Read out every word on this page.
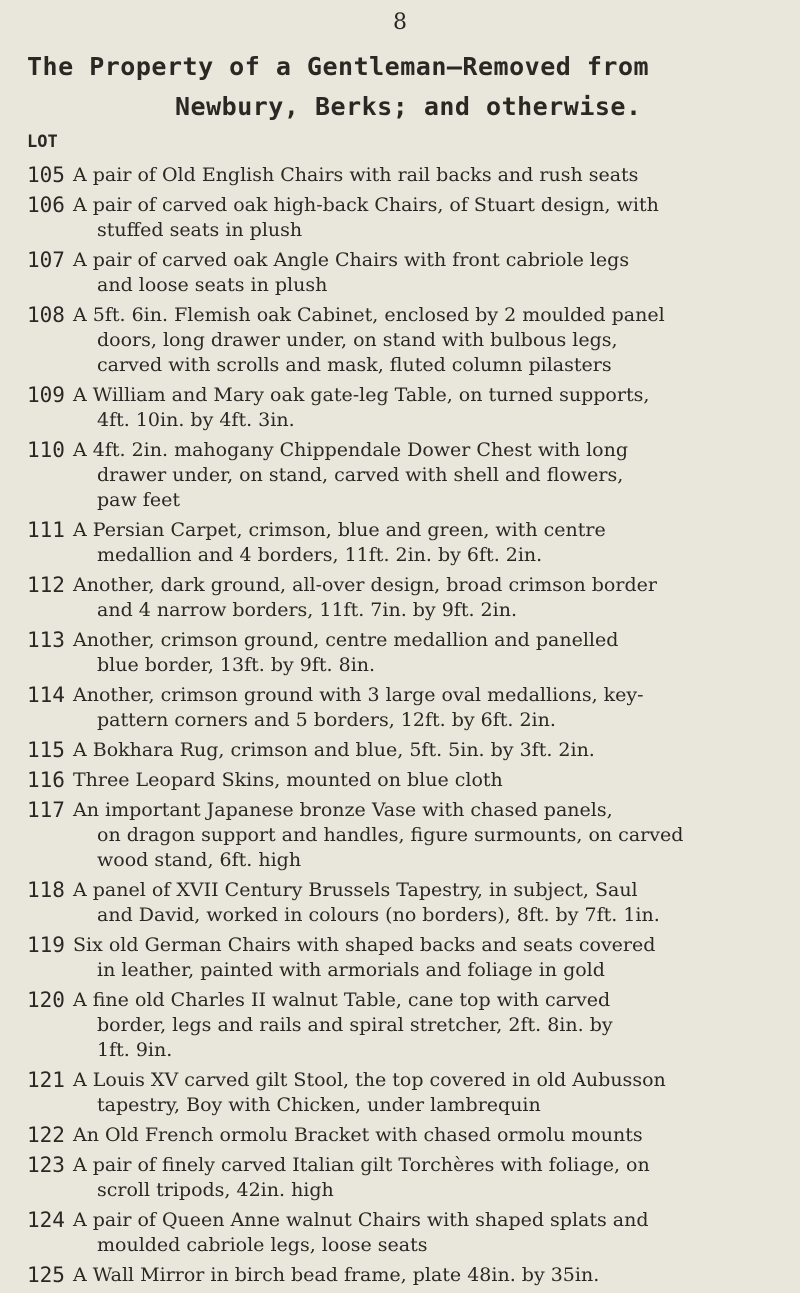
8
The Property of a Gentleman—Removed from
Newbury, Berks; and otherwise.
LOT
105 A pair of Old English Chairs with rail backs and rush seats
106 A pair of carved oak high-back Chairs, of Stuart design, with
stuffed seats in plush
107 A pair of carved oak Angle Chairs with front cabriole legs
and loose seats in plush
108 A 5ft. 6in. Flemish oak Cabinet, enclosed by 2 moulded panel
doors, long drawer under, on stand with bulbous legs,
carved with scrolls and mask, fluted column pilasters
109 A William and Mary oak gate-leg Table, on turned supports,
4ft. 10in. by 4ft. 3in.
110 A 4ft. 2in. mahogany Chippendale Dower Chest with long
drawer under, on stand, carved with shell and flowers,
paw feet
111 A Persian Carpet, crimson, blue and green, with centre
medallion and 4 borders, 11ft. 2in. by 6ft. 2in.
112 Another, dark ground, all-over design, broad crimson border
and 4 narrow borders, 11ft. 7in. by 9ft. 2in.
113 Another, crimson ground, centre medallion and panelled
blue border, 13ft. by 9ft. 8in.
114 Another, crimson ground with 3 large oval medallions, key-
pattern corners and 5 borders, 12ft. by 6ft. 2in.
115 A Bokhara Rug, crimson and blue, 5ft. 5in. by 3ft. 2in.
116 Three Leopard Skins, mounted on blue cloth
117 An important Japanese bronze Vase with chased panels,
on dragon support and handles, figure surmounts, on carved
wood stand, 6ft. high
118 A panel of XVII Century Brussels Tapestry, in subject, Saul
and David, worked in colours (no borders), 8ft. by 7ft. 1in.
119 Six old German Chairs with shaped backs and seats covered
in leather, painted with armorials and foliage in gold
120 A fine old Charles II walnut Table, cane top with carved
border, legs and rails and spiral stretcher, 2ft. 8in. by
1ft. 9in.
121 A Louis XV carved gilt Stool, the top covered in old Aubusson
tapestry, Boy with Chicken, under lambrequin
122 An Old French ormolu Bracket with chased ormolu mounts
123 A pair of finely carved Italian gilt Torchères with foliage, on
scroll tripods, 42in. high
124 A pair of Queen Anne walnut Chairs with shaped splats and
moulded cabriole legs, loose seats
125 A Wall Mirror in birch bead frame, plate 48in. by 35in.
